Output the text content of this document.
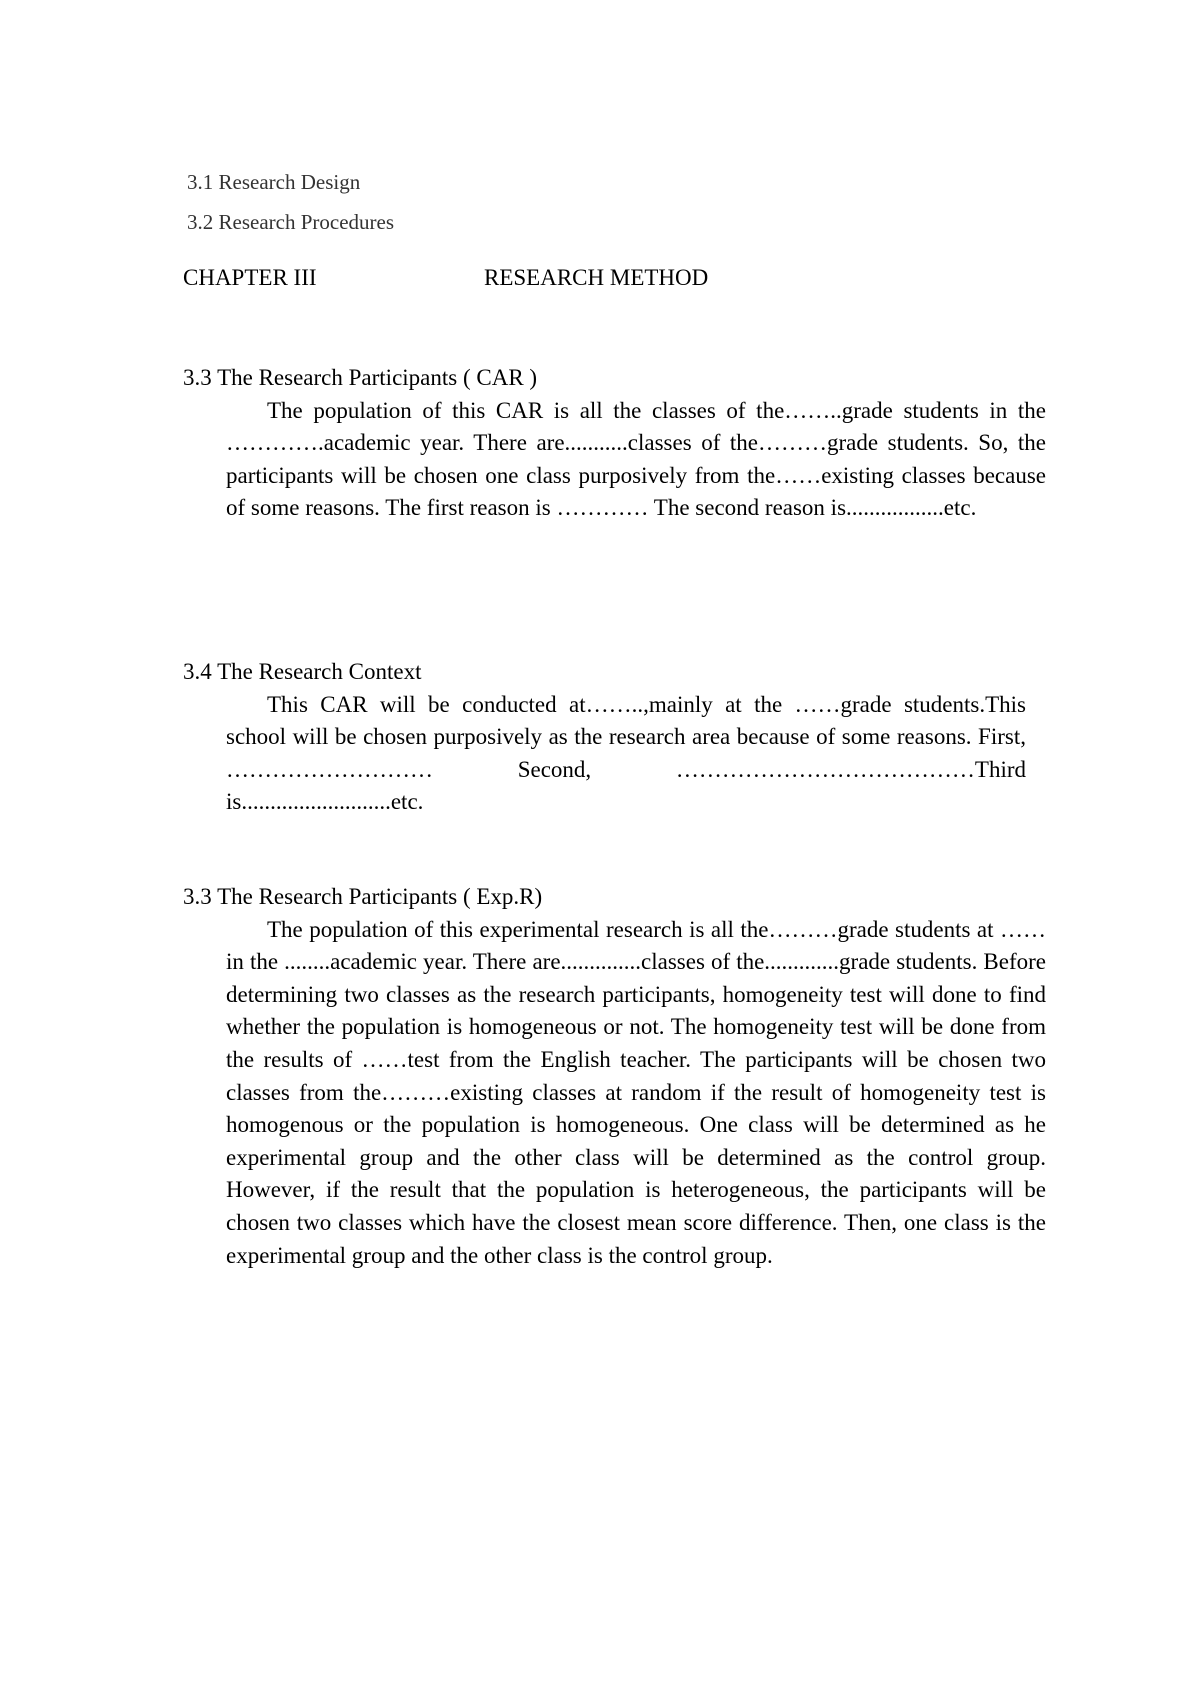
3.1 Research Design
3.2 Research Procedures
CHAPTER III	RESEARCH METHOD
3.3 The Research Participants ( CAR )
The population of this CAR is all the classes of the……..grade students in the ………….academic year. There are...........classes of the………grade students. So, the participants will be chosen one class purposively from the……existing classes because of some reasons. The first reason is ………… The second reason is.................etc.
3.4 The Research Context
This CAR will be conducted at……..,mainly at the ……grade students.This school will be chosen purposively as the research area because of some reasons. First, ……………………… Second, …………………………………Third is..........................etc.
3.3 The Research Participants ( Exp.R)
The population of this experimental research is all the………grade students at ……in the ........academic year. There are..............classes of the.............grade students. Before determining two classes as the research participants, homogeneity test will done to find whether the population is homogeneous or not. The homogeneity test will be done from the results of ……test from the English teacher. The participants will be chosen two classes from the………existing classes at random if the result of homogeneity test is homogenous or the population is homogeneous. One class will be determined as he experimental group and the other class will be determined as the control group. However, if the result that the population is heterogeneous, the participants will be chosen two classes which have the closest mean score difference. Then, one class is the experimental group and the other class is the control group.
